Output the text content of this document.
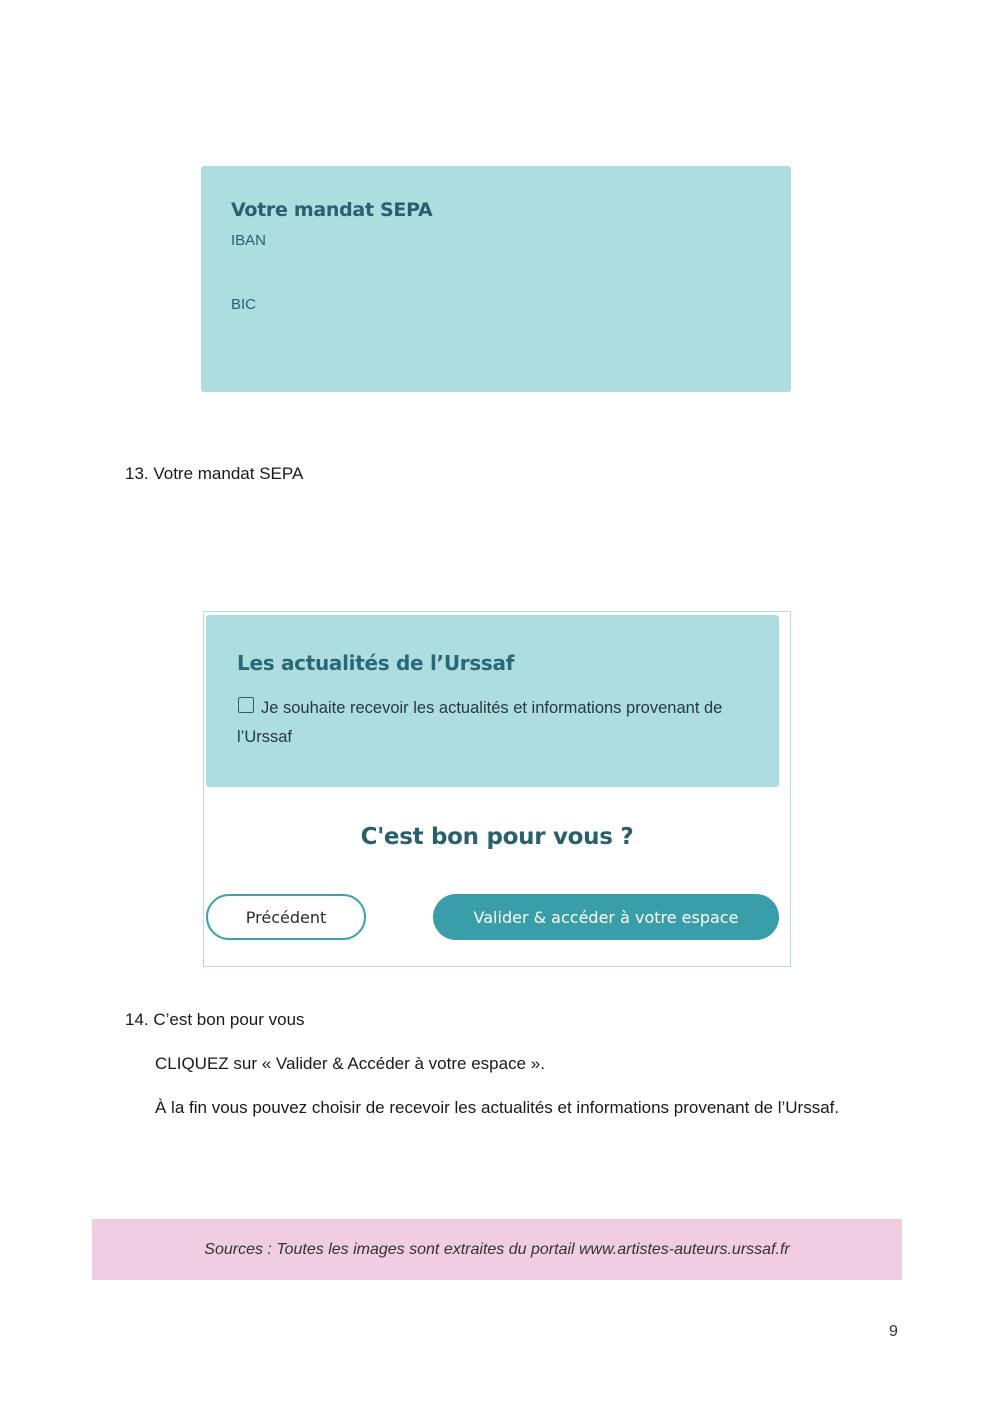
Votre mandat SEPA
IBAN
BIC
13. Votre mandat SEPA
Les actualités de l’Urssaf
Je souhaite recevoir les actualités et informations provenant de l’Urssaf
C'est bon pour vous ?
Précédent	Valider & accéder à votre espace
14. C’est bon pour vous
CLIQUEZ sur « Valider & Accéder à votre espace ».
À la fin vous pouvez choisir de recevoir les actualités et informations provenant de l’Urssaf.
Sources : Toutes les images sont extraites du portail www.artistes-auteurs.urssaf.fr
9
